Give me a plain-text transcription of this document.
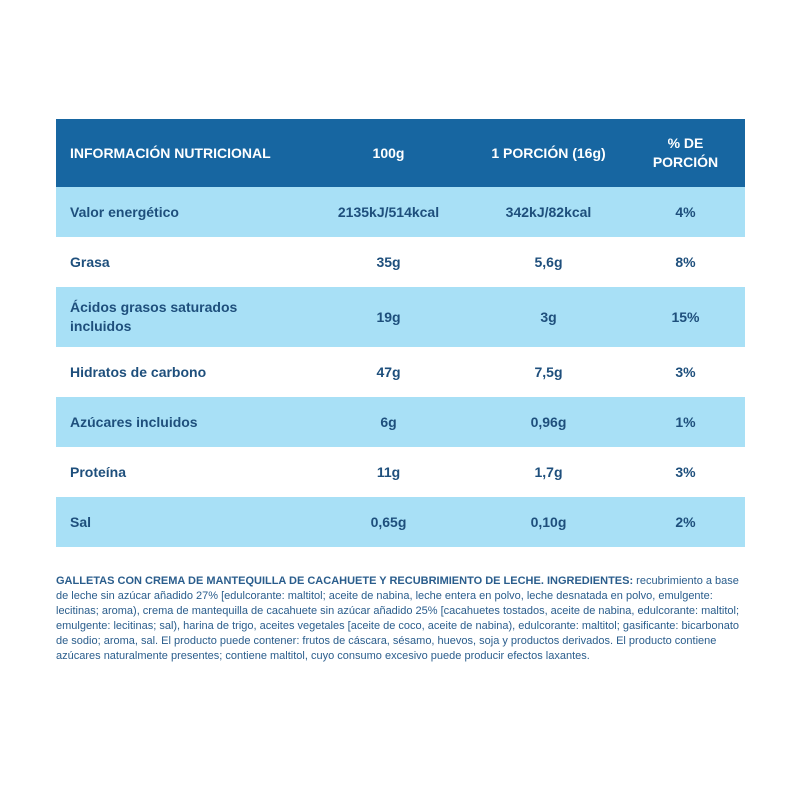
INFORMACIÓN NUTRICIONAL	100g	1 PORCIÓN (16g)	% DE
PORCIÓN
Valor energético	2135kJ/514kcal	342kJ/82kcal	4%
Grasa	35g	5,6g	8%
Ácidos grasos saturados
incluidos	19g	3g	15%
Hidratos de carbono	47g	7,5g	3%
Azúcares incluidos	6g	0,96g	1%
Proteína	11g	1,7g	3%
Sal	0,65g	0,10g	2%
GALLETAS CON CREMA DE MANTEQUILLA DE CACAHUETE Y RECUBRIMIENTO DE LECHE. INGREDIENTES: recubrimiento a base de leche sin azúcar añadido 27% [edulcorante: maltitol; aceite de nabina, leche entera en polvo, leche desnatada en polvo, emulgente: lecitinas; aroma), crema de mantequilla de cacahuete sin azúcar añadido 25% [cacahuetes tostados, aceite de nabina, edulcorante: maltitol; emulgente: lecitinas; sal), harina de trigo, aceites vegetales [aceite de coco, aceite de nabina), edulcorante: maltitol; gasificante: bicarbonato de sodio; aroma, sal. El producto puede contener: frutos de cáscara, sésamo, huevos, soja y productos derivados. El producto contiene azúcares naturalmente presentes; contiene maltitol, cuyo consumo excesivo puede producir efectos laxantes.
